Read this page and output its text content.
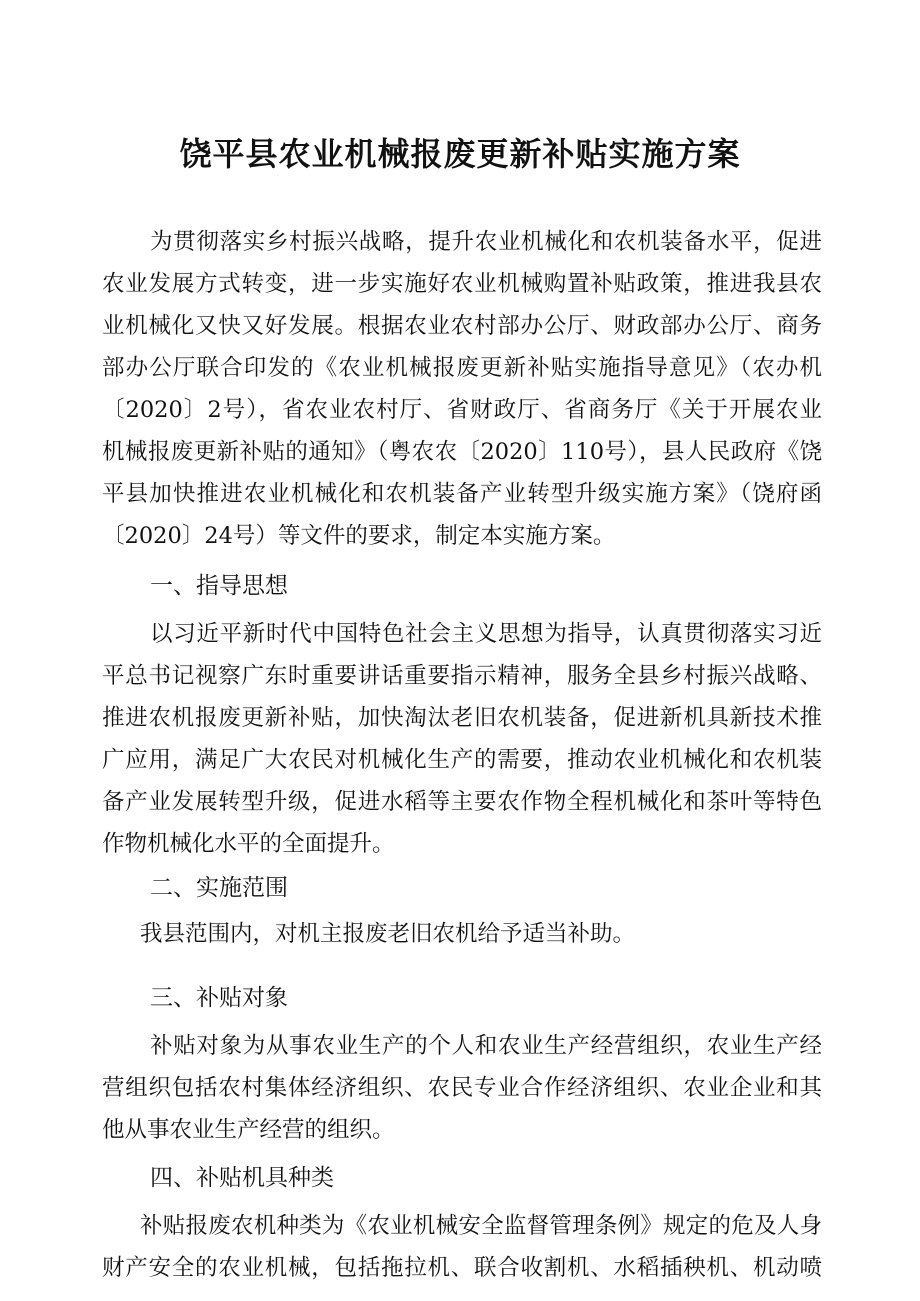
饶平县农业机械报废更新补贴实施方案
为贯彻落实乡村振兴战略，提升农业机械化和农机装备水平，促进
农业发展方式转变，进一步实施好农业机械购置补贴政策，推进我县农
业机械化又快又好发展。根据农业农村部办公厅、财政部办公厅、商务
部办公厅联合印发的《农业机械报废更新补贴实施指导意见》（农办机
〔2020〕2号），省农业农村厅、省财政厅、省商务厅《关于开展农业
机械报废更新补贴的通知》（粤农农〔2020〕110号），县人民政府《饶
平县加快推进农业机械化和农机装备产业转型升级实施方案》（饶府函
〔2020〕24号）等文件的要求，制定本实施方案。
一、指导思想
以习近平新时代中国特色社会主义思想为指导，认真贯彻落实习近
平总书记视察广东时重要讲话重要指示精神，服务全县乡村振兴战略、
推进农机报废更新补贴，加快淘汰老旧农机装备，促进新机具新技术推
广应用，满足广大农民对机械化生产的需要，推动农业机械化和农机装
备产业发展转型升级，促进水稻等主要农作物全程机械化和茶叶等特色
作物机械化水平的全面提升。
二、实施范围
我县范围内，对机主报废老旧农机给予适当补助。
三、补贴对象
补贴对象为从事农业生产的个人和农业生产经营组织，农业生产经
营组织包括农村集体经济组织、农民专业合作经济组织、农业企业和其
他从事农业生产经营的组织。
四、补贴机具种类
补贴报废农机种类为《农业机械安全监督管理条例》规定的危及人身
财产安全的农业机械，包括拖拉机、联合收割机、水稻插秧机、机动喷
